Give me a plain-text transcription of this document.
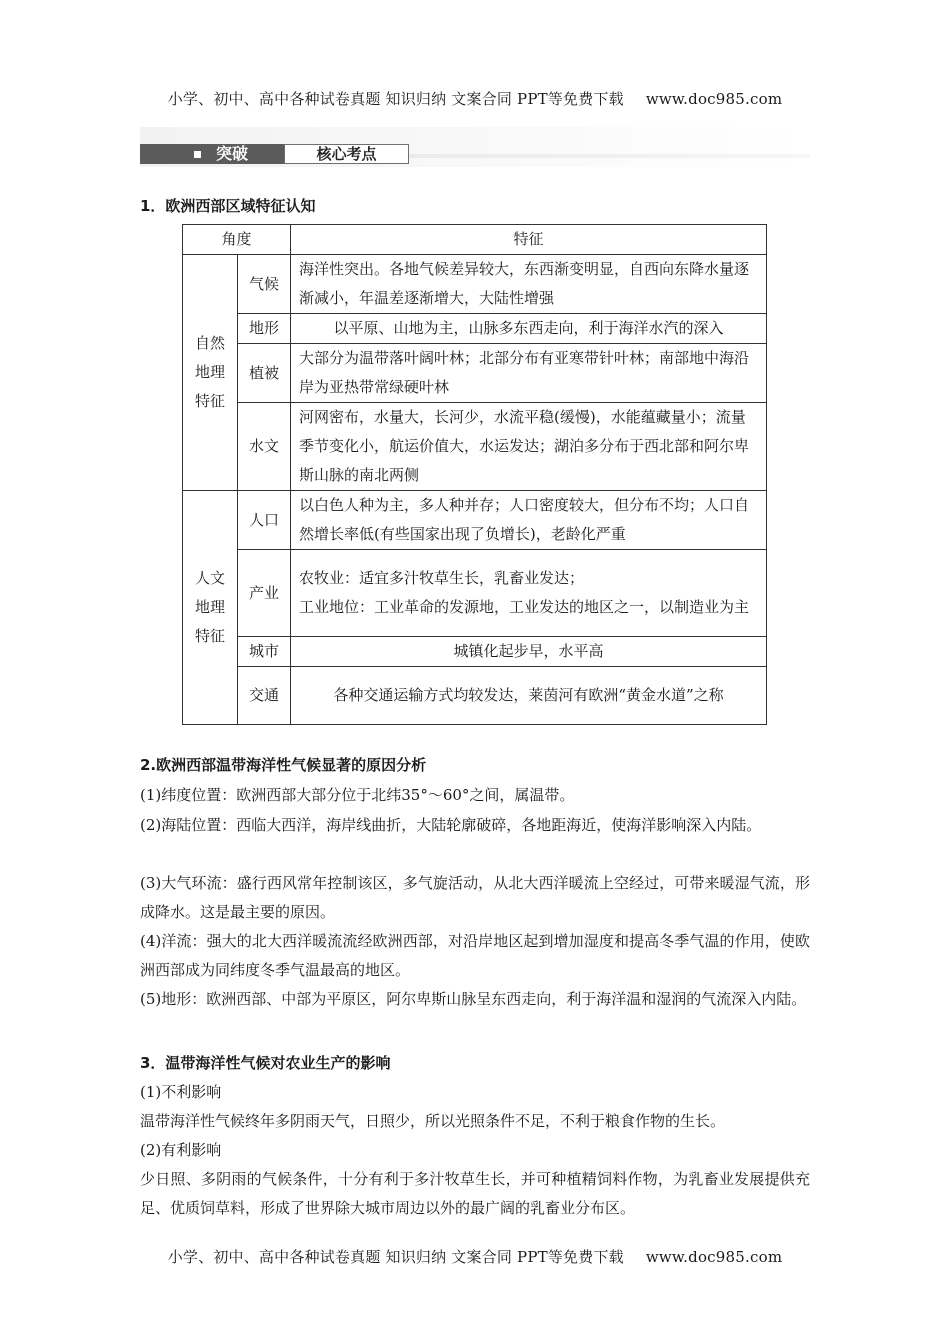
小学、初中、高中各种试卷真题 知识归纳 文案合同 PPT等免费下载 www.doc985.com
突破	核心考点
1．欧洲西部区域特征认知
角度		特征
自然地理特征	气候	海洋性突出。各地气候差异较大，东西渐变明显，自西向东降水量逐渐减小，年温差逐渐增大，大陆性增强
	地形	以平原、山地为主，山脉多东西走向，利于海洋水汽的深入
	植被	大部分为温带落叶阔叶林；北部分布有亚寒带针叶林；南部地中海沿岸为亚热带常绿硬叶林
	水文	河网密布，水量大，长河少，水流平稳(缓慢)，水能蕴藏量小；流量季节变化小，航运价值大，水运发达；湖泊多分布于西北部和阿尔卑斯山脉的南北两侧
人文地理特征	人口	以白色人种为主，多人种并存；人口密度较大，但分布不均；人口自然增长率低(有些国家出现了负增长)，老龄化严重
	产业	农牧业：适宜多汁牧草生长，乳畜业发达；
工业地位：工业革命的发源地，工业发达的地区之一，以制造业为主

	城市	城镇化起步早，水平高
	交通	各种交通运输方式均较发达，莱茵河有欧洲“黄金水道”之称
2.欧洲西部温带海洋性气候显著的原因分析
(1)纬度位置：欧洲西部大部分位于北纬35°～60°之间，属温带。
(2)海陆位置：西临大西洋，海岸线曲折，大陆轮廓破碎，各地距海近，使海洋影响深入内陆。
(3)大气环流：盛行西风常年控制该区，多气旋活动，从北大西洋暖流上空经过，可带来暖湿气流，形成降水。这是最主要的原因。
(4)洋流：强大的北大西洋暖流流经欧洲西部，对沿岸地区起到增加湿度和提高冬季气温的作用，使欧洲西部成为同纬度冬季气温最高的地区。
(5)地形：欧洲西部、中部为平原区，阿尔卑斯山脉呈东西走向，利于海洋温和湿润的气流深入内陆。
3．温带海洋性气候对农业生产的影响
(1)不利影响
温带海洋性气候终年多阴雨天气，日照少，所以光照条件不足，不利于粮食作物的生长。
(2)有利影响
少日照、多阴雨的气候条件，十分有利于多汁牧草生长，并可种植精饲料作物，为乳畜业发展提供充足、优质饲草料，形成了世界除大城市周边以外的最广阔的乳畜业分布区。
小学、初中、高中各种试卷真题 知识归纳 文案合同 PPT等免费下载 www.doc985.com
